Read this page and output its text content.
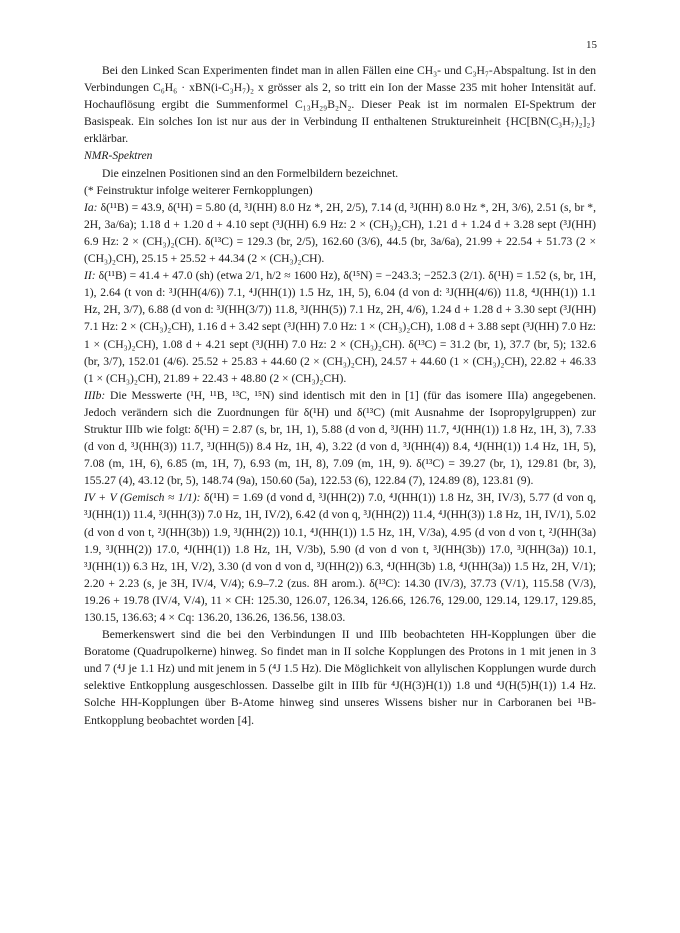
15

Bei den Linked Scan Experimenten findet man in allen Fällen eine CH₃- und C₃H₇-Abspaltung. Ist in den Verbindungen C₆H₆ · xBN(i-C₃H₇)₂ x grösser als 2, so tritt ein Ion der Masse 235 mit hoher Intensität auf. Hochauflösung ergibt die Summenformel C₁₃H₂₉B₂N₂. Dieser Peak ist im normalen EI-Spektrum der Basispeak. Ein solches Ion ist nur aus der in Verbindung II enthaltenen Struktureinheit {HC[BN(C₃H₇)₂]₂} erklärbar.

NMR-Spektren

Die einzelnen Positionen sind an den Formelbildern bezeichnet.

(* Feinstruktur infolge weiterer Fernkopplungen)

Ia: δ(¹¹B) = 43.9, δ(¹H) = 5.80 (d, ³J(HH) 8.0 Hz *, 2H, 2/5), 7.14 (d, ³J(HH) 8.0 Hz *, 2H, 3/6), 2.51 (s, br *, 2H, 3a/6a); 1.18 d + 1.20 d + 4.10 sept (³J(HH) 6.9 Hz: 2 × (CH₃)₂CH), 1.21 d + 1.24 d + 3.28 sept (³J(HH) 6.9 Hz: 2 × (CH₃)₂(CH). δ(¹³C) = 129.3 (br, 2/5), 162.60 (3/6), 44.5 (br, 3a/6a), 21.99 + 22.54 + 51.73 (2 × (CH₃)₂CH), 25.15 + 25.52 + 44.34 (2 × (CH₃)₂CH).

II: δ(¹¹B) = 41.4 + 47.0 (sh) (etwa 2/1, h/2 ≈ 1600 Hz), δ(¹⁵N) = −243.3; −252.3 (2/1). δ(¹H) = 1.52 (s, br, 1H, 1), 2.64 (t von d: ³J(HH(4/6)) 7.1, ⁴J(HH(1)) 1.5 Hz, 1H, 5), 6.04 (d von d: ³J(HH(4/6)) 11.8, ⁴J(HH(1)) 1.1 Hz, 2H, 3/7), 6.88 (d von d: ³J(HH(3/7)) 11.8, ³J(HH(5)) 7.1 Hz, 2H, 4/6), 1.24 d + 1.28 d + 3.30 sept (³J(HH) 7.1 Hz: 2 × (CH₃)₂CH), 1.16 d + 3.42 sept (³J(HH) 7.0 Hz: 1 × (CH₃)₂CH), 1.08 d + 3.88 sept (³J(HH) 7.0 Hz: 1 × (CH₃)₂CH), 1.08 d + 4.21 sept (³J(HH) 7.0 Hz: 2 × (CH₃)₂CH). δ(¹³C) = 31.2 (br, 1), 37.7 (br, 5); 132.6 (br, 3/7), 152.01 (4/6). 25.52 + 25.83 + 44.60 (2 × (CH₃)₂CH), 24.57 + 44.60 (1 × (CH₃)₂CH), 22.82 + 46.33 (1 × (CH₃)₂CH), 21.89 + 22.43 + 48.80 (2 × (CH₃)₂CH).

IIIb: Die Messwerte (¹H, ¹¹B, ¹³C, ¹⁵N) sind identisch mit den in [1] (für das isomere IIIa) angegebenen. Jedoch verändern sich die Zuordnungen für δ(¹H) und δ(¹³C) (mit Ausnahme der Isopropylgruppen) zur Struktur IIIb wie folgt: δ(¹H) = 2.87 (s, br, 1H, 1), 5.88 (d von d, ³J(HH) 11.7, ⁴J(HH(1)) 1.8 Hz, 1H, 3), 7.33 (d von d, ³J(HH(3)) 11.7, ³J(HH(5)) 8.4 Hz, 1H, 4), 3.22 (d von d, ³J(HH(4)) 8.4, ⁴J(HH(1)) 1.4 Hz, 1H, 5), 7.08 (m, 1H, 6), 6.85 (m, 1H, 7), 6.93 (m, 1H, 8), 7.09 (m, 1H, 9). δ(¹³C) = 39.27 (br, 1), 129.81 (br, 3), 155.27 (4), 43.12 (br, 5), 148.74 (9a), 150.60 (5a), 122.53 (6), 122.84 (7), 124.89 (8), 123.81 (9).

IV + V (Gemisch ≈ 1/1): δ(¹H) = 1.69 (d vond d, ³J(HH(2)) 7.0, ⁴J(HH(1)) 1.8 Hz, 3H, IV/3), 5.77 (d von q, ³J(HH(1)) 11.4, ³J(HH(3)) 7.0 Hz, 1H, IV/2), 6.42 (d von q, ³J(HH(2)) 11.4, ⁴J(HH(3)) 1.8 Hz, 1H, IV/1), 5.02 (d von d von t, ²J(HH(3b)) 1.9, ³J(HH(2)) 10.1, ⁴J(HH(1)) 1.5 Hz, 1H, V/3a), 4.95 (d von d von t, ²J(HH(3a) 1.9, ³J(HH(2)) 17.0, ⁴J(HH(1)) 1.8 Hz, 1H, V/3b), 5.90 (d von d von t, ³J(HH(3b)) 17.0, ³J(HH(3a)) 10.1, ³J(HH(1)) 6.3 Hz, 1H, V/2), 3.30 (d von d von d, ³J(HH(2)) 6.3, ⁴J(HH(3b) 1.8, ⁴J(HH(3a)) 1.5 Hz, 2H, V/1); 2.20 + 2.23 (s, je 3H, IV/4, V/4); 6.9–7.2 (zus. 8H arom.). δ(¹³C): 14.30 (IV/3), 37.73 (V/1), 115.58 (V/3), 19.26 + 19.78 (IV/4, V/4), 11 × CH: 125.30, 126.07, 126.34, 126.66, 126.76, 129.00, 129.14, 129.17, 129.85, 130.15, 136.63; 4 × Cq: 136.20, 136.26, 136.56, 138.03.

Bemerkenswert sind die bei den Verbindungen II und IIIb beobachteten HH-Kopplungen über die Boratome (Quadrupolkerne) hinweg. So findet man in II solche Kopplungen des Protons in 1 mit jenen in 3 und 7 (⁴J je 1.1 Hz) und mit jenem in 5 (⁴J 1.5 Hz). Die Möglichkeit von allylischen Kopplungen wurde durch selektive Entkopplung ausgeschlossen. Dasselbe gilt in IIIb für ⁴J(H(3)H(1)) 1.8 und ⁴J(H(5)H(1)) 1.4 Hz. Solche HH-Kopplungen über B-Atome hinweg sind unseres Wissens bisher nur in Carboranen bei ¹¹B-Entkopplung beobachtet worden [4].
